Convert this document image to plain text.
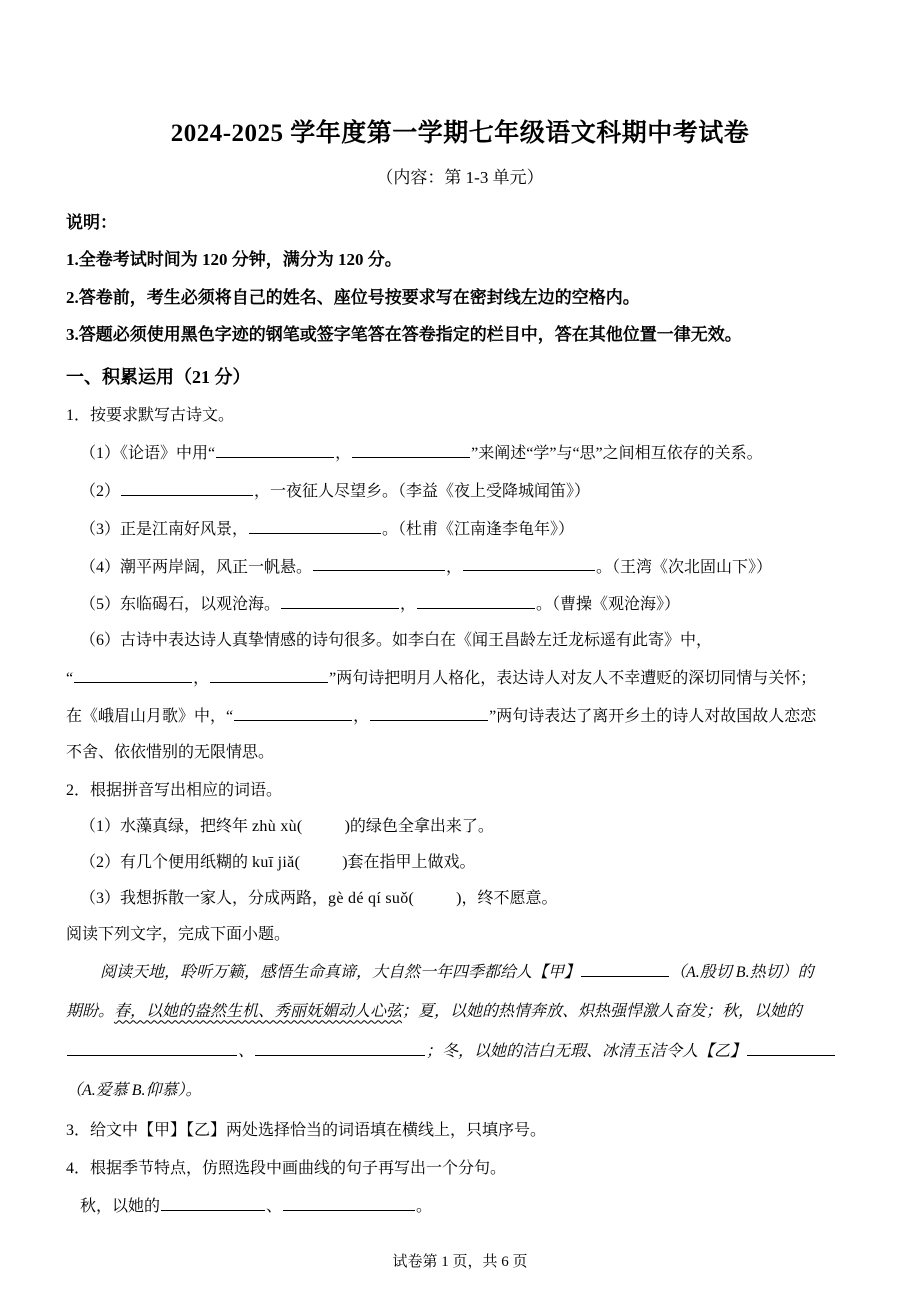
2024-2025 学年度第一学期七年级语文科期中考试卷
（内容：第 1-3 单元）
说明：
1.全卷考试时间为 120 分钟，满分为 120 分。
2.答卷前，考生必须将自己的姓名、座位号按要求写在密封线左边的空格内。
3.答题必须使用黑色字迹的钢笔或签字笔答在答卷指定的栏目中，答在其他位置一律无效。
一、积累运用（21 分）
1．按要求默写古诗文。
（1）《论语》中用“	，	”来阐述“学”与“思”之间相互依存的关系。
（2）	，一夜征人尽望乡。（李益《夜上受降城闻笛》）
（3）正是江南好风景，	。（杜甫《江南逢李龟年》）
（4）潮平两岸阔，风正一帆悬。	，	。（王湾《次北固山下》）
（5）东临碣石，以观沧海。	，	。（曹操《观沧海》）
（6）古诗中表达诗人真挚情感的诗句很多。如李白在《闻王昌龄左迁龙标遥有此寄》中，
“	，	”两句诗把明月人格化，表达诗人对友人不幸遭贬的深切同情与关怀；
在《峨眉山月歌》中，“	，	”两句诗表达了离开乡土的诗人对故国故人恋恋
不舍、依依惜别的无限情思。
2．根据拼音写出相应的词语。
（1）水藻真绿，把终年 zhù xù(	)的绿色全拿出来了。
（2）有几个便用纸糊的 kuī jiǎ(	)套在指甲上做戏。
（3）我想拆散一家人，分成两路，gè dé qí suǒ(	)，终不愿意。
阅读下列文字，完成下面小题。
阅读天地，聆听万籁，感悟生命真谛，大自然一年四季都给人【甲】	（A.殷切 B.热切）的
期盼。春，以她的盎然生机、秀丽妩媚动人心弦；夏，以她的热情奔放、炽热强悍激人奋发；秋，以她的
、	；冬，以她的洁白无瑕、冰清玉洁令人【乙】
（A.爱慕 B.仰慕）。
3．给文中【甲】【乙】两处选择恰当的词语填在横线上，只填序号。
4．根据季节特点，仿照选段中画曲线的句子再写出一个分句。
秋，以她的	、	。
试卷第 1 页，共 6 页
